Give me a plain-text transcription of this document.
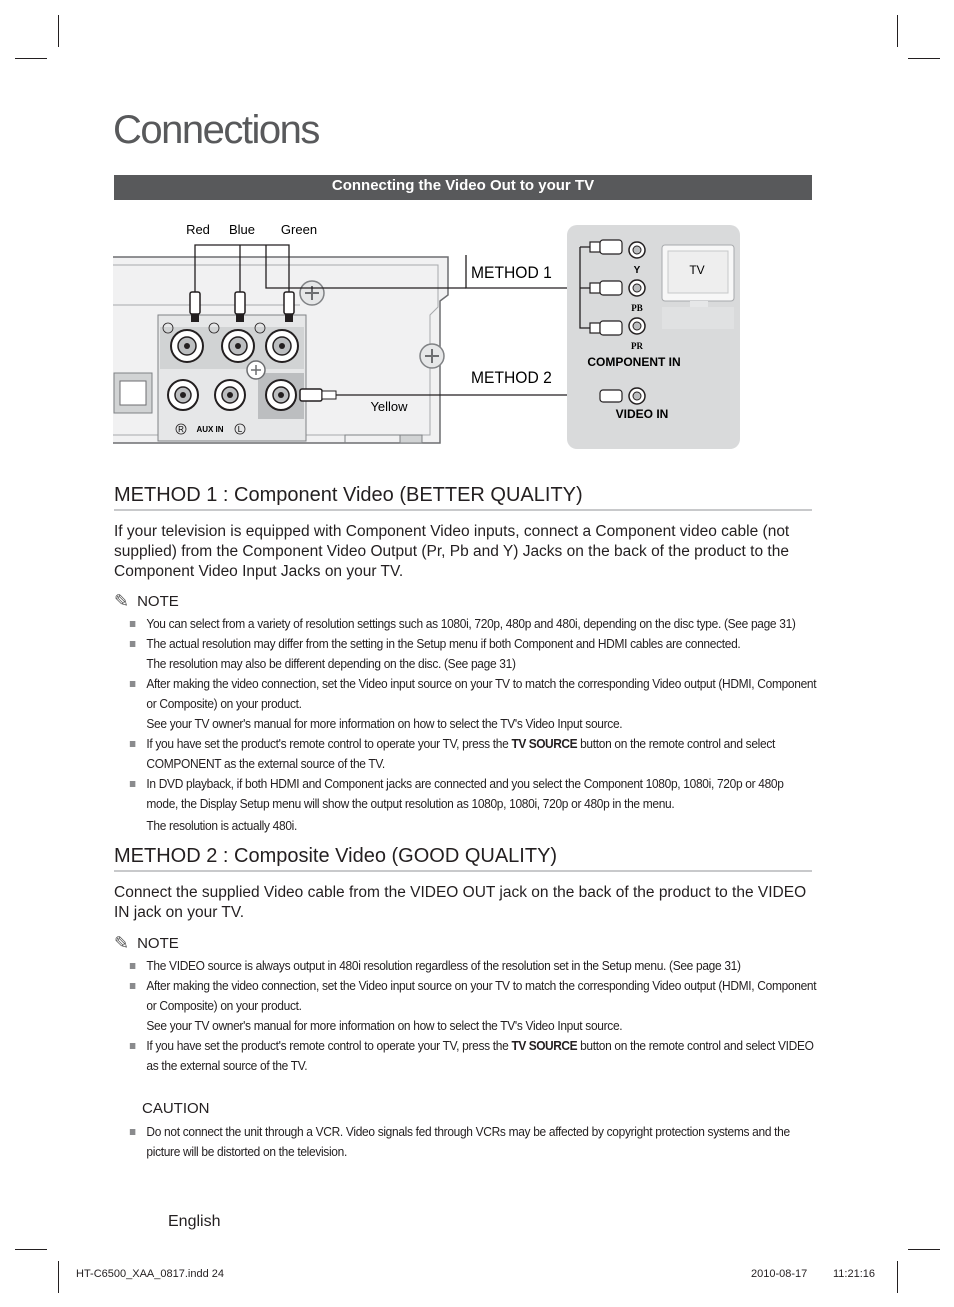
Connections
Connecting the Video Out to your TV
R	L
AUX IN
Red Blue Green
Yellow
METHOD 1
METHOD 2
TV
Y
PB
PR
COMPONENT IN
VIDEO IN
METHOD 1 : Component Video (BETTER QUALITY)
If your television is equipped with Component Video inputs, connect a Component video cable (not supplied) from the Component Video Output (Pr, Pb and Y) Jacks on the back of the product to the Component Video Input Jacks on your TV.
✎ NOTE
You can select from a variety of resolution settings such as 1080i, 720p, 480p and 480i, depending on the disc type. (See page 31)
The actual resolution may differ from the setting in the Setup menu if both Component and HDMI cables are connected.
The resolution may also be different depending on the disc. (See page 31)
After making the video connection, set the Video input source on your TV to match the corresponding Video output (HDMI, Component or Composite) on your product.
See your TV owner's manual for more information on how to select the TV's Video Input source.
If you have set the product's remote control to operate your TV, press the TV SOURCE button on the remote control and select COMPONENT as the external source of the TV.
In DVD playback, if both HDMI and Component jacks are connected and you select the Component 1080p, 1080i, 720p or 480p mode, the Display Setup menu will show the output resolution as 1080p, 1080i, 720p or 480p in the menu.
The resolution is actually 480i.
METHOD 2 : Composite Video (GOOD QUALITY)
Connect the supplied Video cable from the VIDEO OUT jack on the back of the product to the VIDEO IN jack on your TV.
✎ NOTE
The VIDEO source is always output in 480i resolution regardless of the resolution set in the Setup menu. (See page 31)
After making the video connection, set the Video input source on your TV to match the corresponding Video output (HDMI, Component or Composite) on your product.
See your TV owner's manual for more information on how to select the TV's Video Input source.
If you have set the product's remote control to operate your TV, press the TV SOURCE button on the remote control and select VIDEO as the external source of the TV.
CAUTION
Do not connect the unit through a VCR. Video signals fed through VCRs may be affected by copyright protection systems and the picture will be distorted on the television.
English
HT-C6500_XAA_0817.indd 24	2010-08-17 11:21:16
